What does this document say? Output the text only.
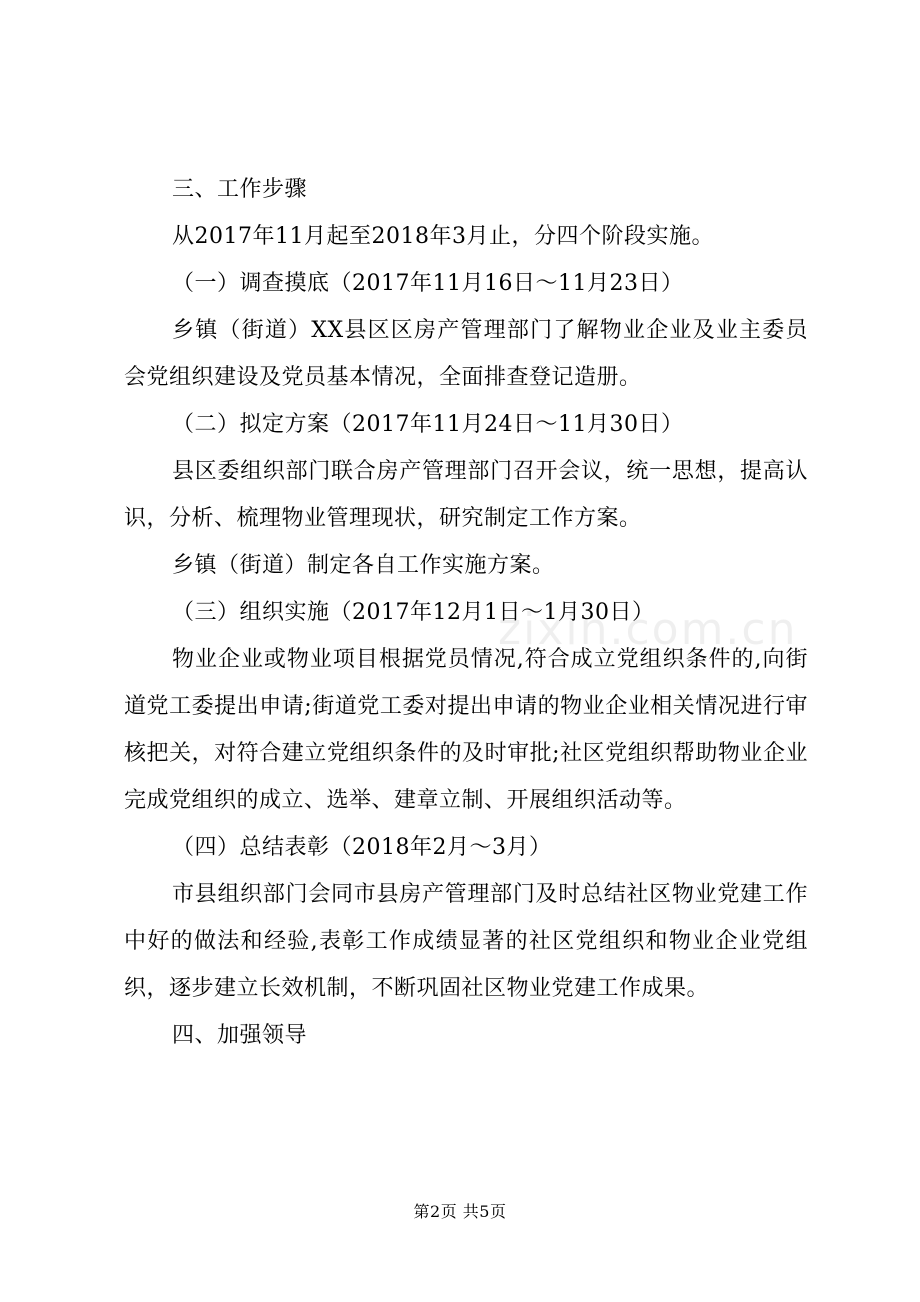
三、工作步骤

从2017年11月起至2018年3月止，分四个阶段实施。

（一）调查摸底（2017年11月16日～11月23日）

乡镇（街道）XX县区区房产管理部门了解物业企业及业主委员会党组织建设及党员基本情况，全面排查登记造册。

（二）拟定方案（2017年11月24日～11月30日）

县区委组织部门联合房产管理部门召开会议，统一思想，提高认识，分析、梳理物业管理现状，研究制定工作方案。

乡镇（街道）制定各自工作实施方案。

（三）组织实施（2017年12月1日～1月30日）

物业企业或物业项目根据党员情况,符合成立党组织条件的,向街道党工委提出申请;街道党工委对提出申请的物业企业相关情况进行审核把关，对符合建立党组织条件的及时审批;社区党组织帮助物业企业完成党组织的成立、选举、建章立制、开展组织活动等。

（四）总结表彰（2018年2月～3月）

市县组织部门会同市县房产管理部门及时总结社区物业党建工作中好的做法和经验,表彰工作成绩显著的社区党组织和物业企业党组织，逐步建立长效机制，不断巩固社区物业党建工作成果。

四、加强领导

zixin.com.cn
第2页 共5页
